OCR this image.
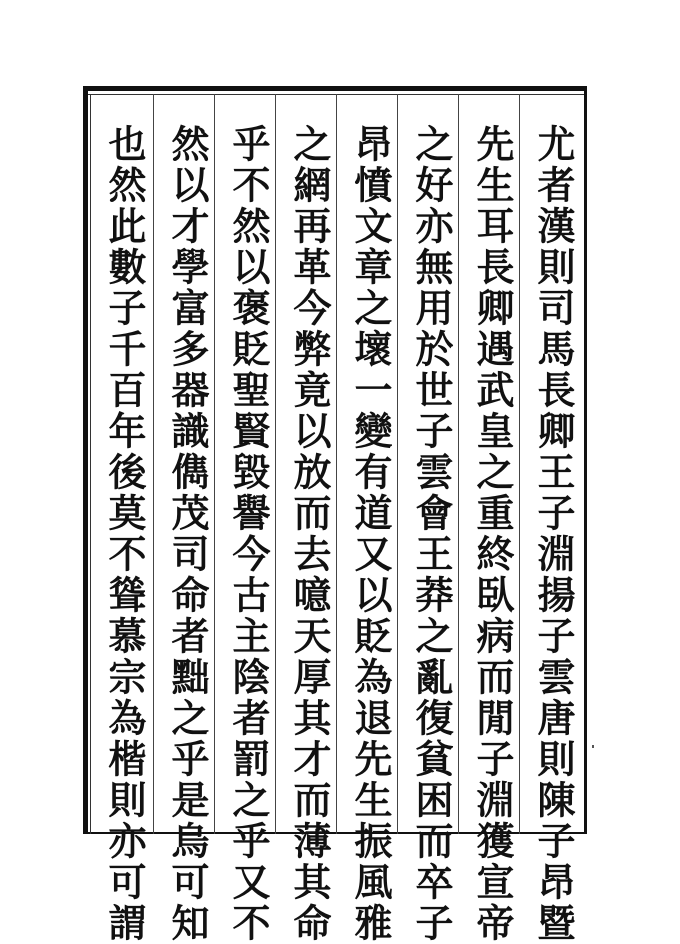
尤者漢則司馬長卿王子淵揚子雲唐則陳子昂暨
先生耳長卿遇武皇之重終臥病而閒子淵獲宣帝
之好亦無用於世子雲會王莽之亂復貧困而卒子
昂憤文章之壞一變有道又以貶為退先生振風雅
之網再革今弊竟以放而去噫天厚其才而薄其命
乎不然以褒貶聖賢毀譽今古主陰者罰之乎又不
然以才學富多器識儁茂司命者黜之乎是烏可知
也然此數子千百年後莫不聳慕宗為楷則亦可謂
